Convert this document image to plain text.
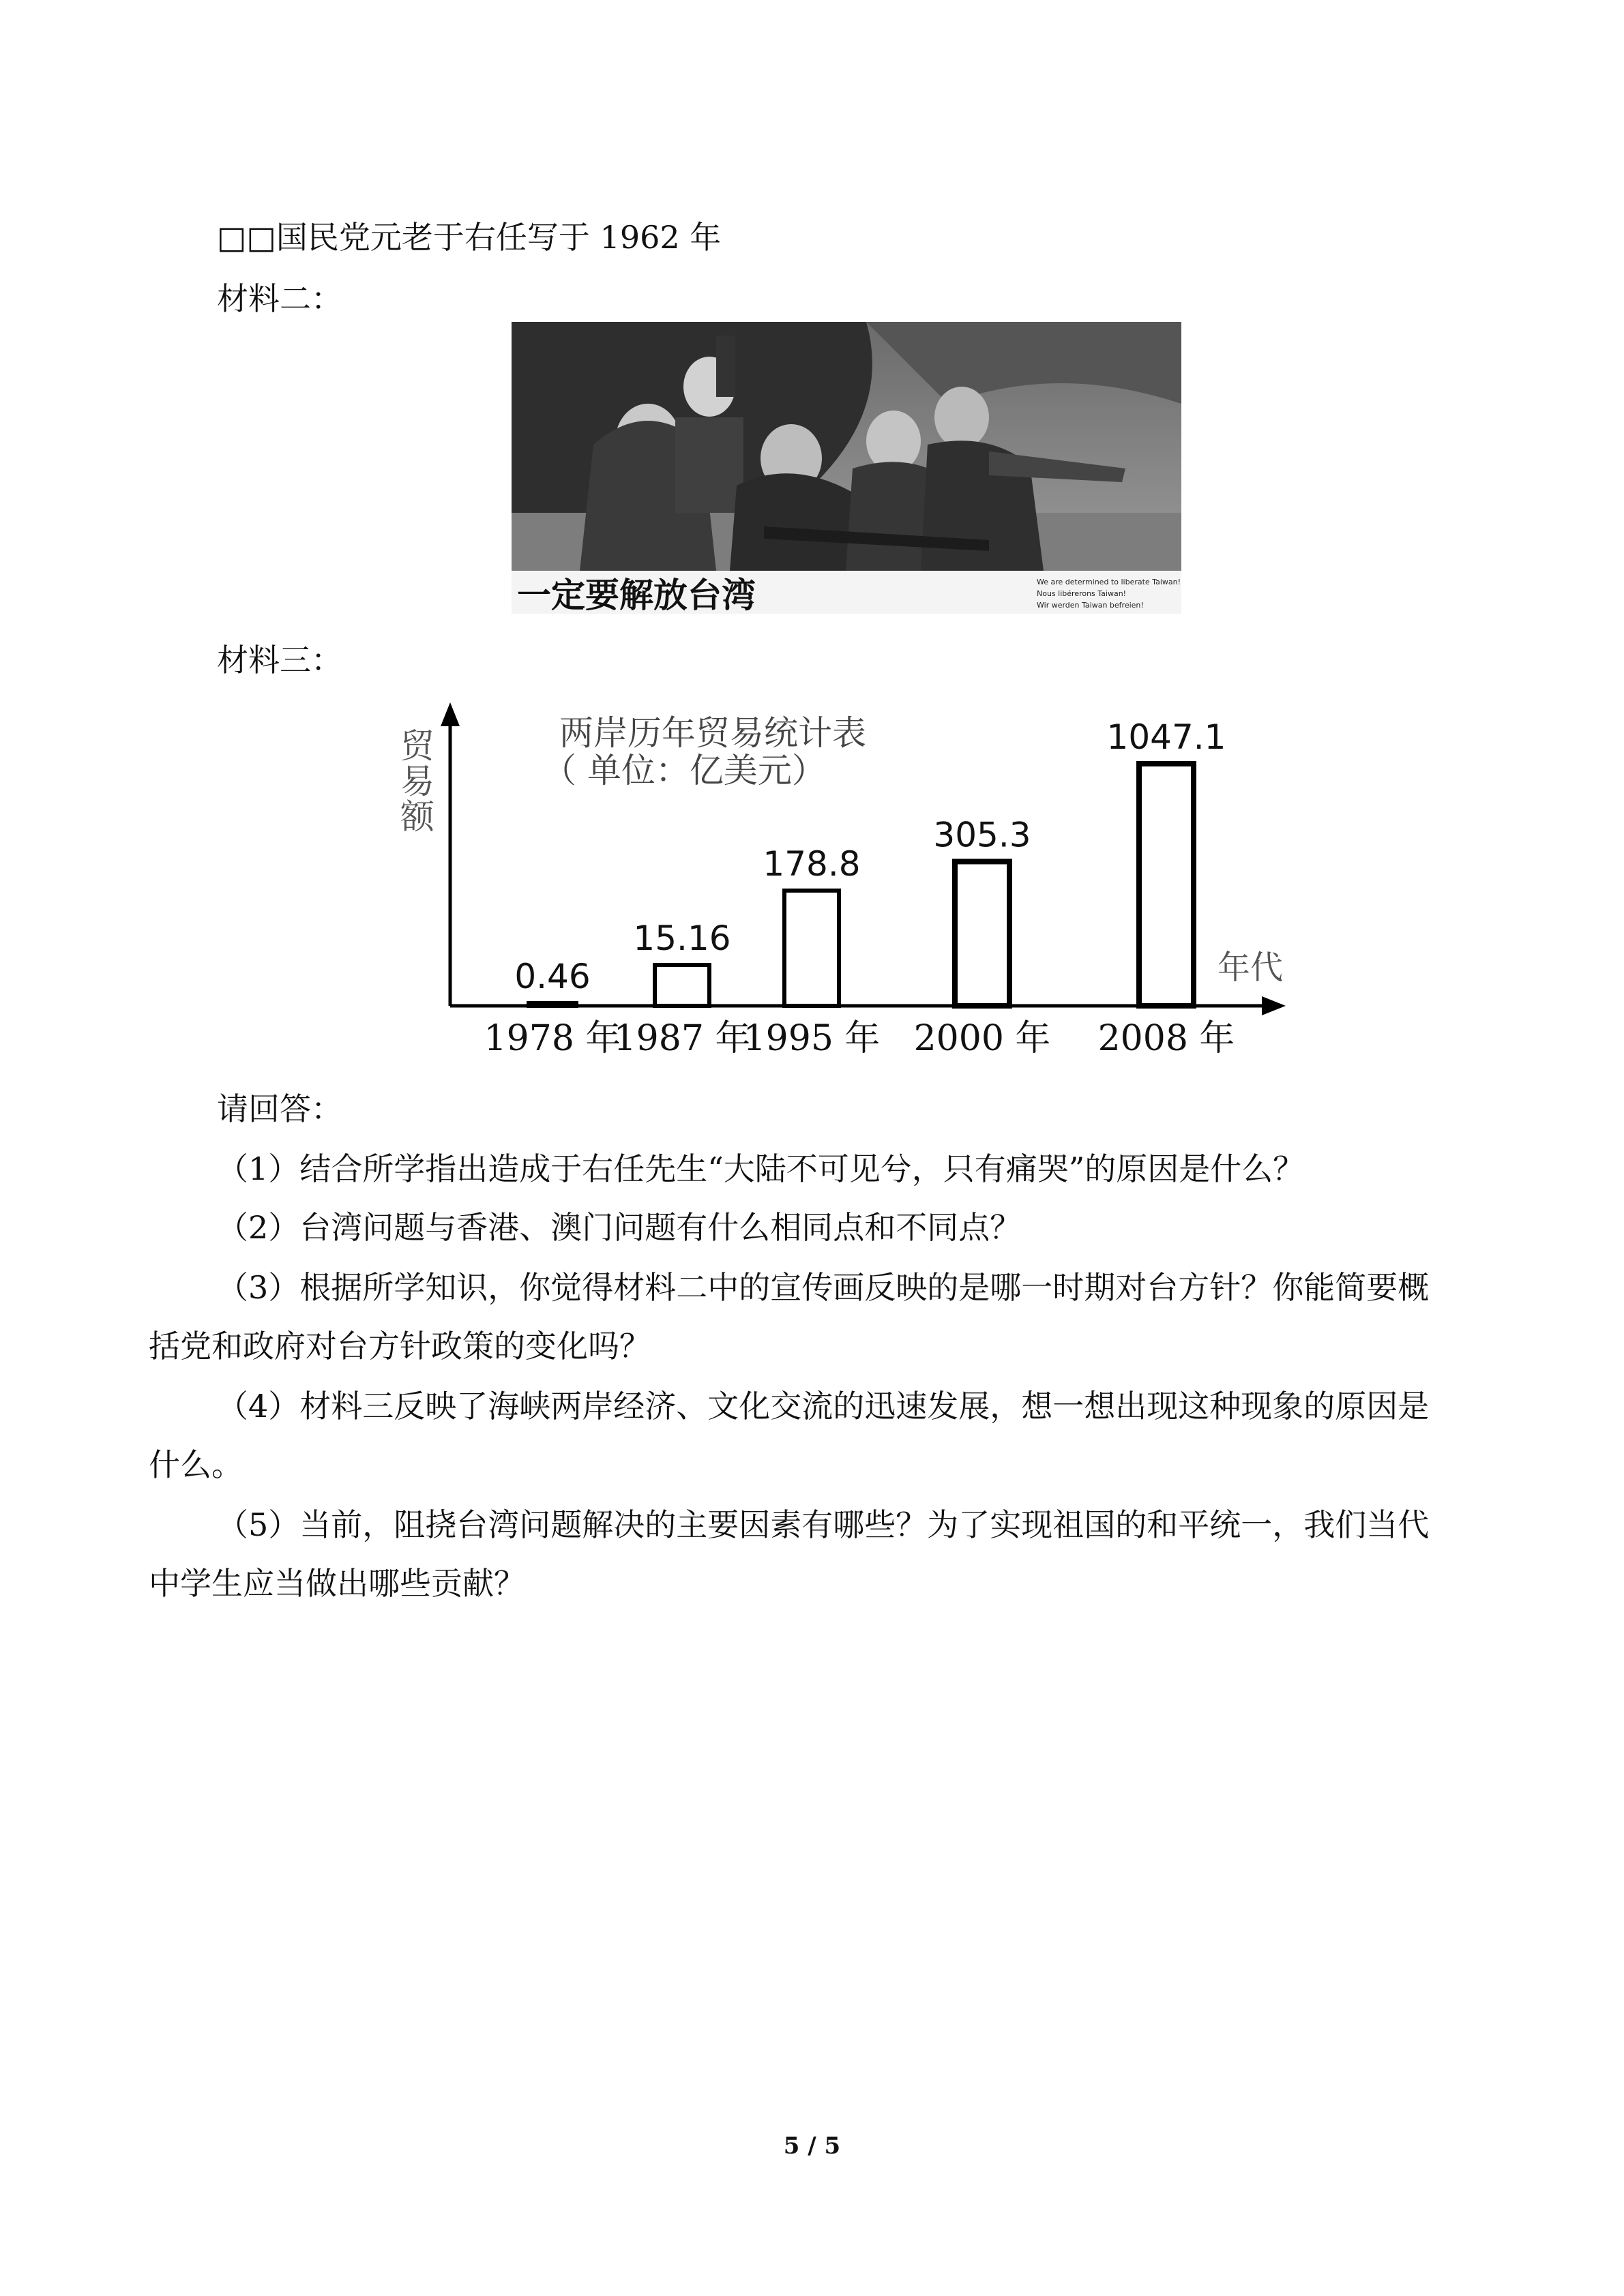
□□国民党元老于右任写于 1962 年
材料二：
一定要解放台湾	We are determined to liberate Taiwan!
Nous libérerons Taiwan!
Wir werden Taiwan befreien!
材料三：
两岸历年贸易统计表
（ 单位：亿美元）
贸易额
年代
0.46
1978 年
15.16
1987 年
178.8
1995 年
305.3
2000 年
1047.1
2008 年
请回答：
（1）结合所学指出造成于右任先生“大陆不可见兮，只有痛哭”的原因是什么？
（2）台湾问题与香港、澳门问题有什么相同点和不同点？
（3）根据所学知识，你觉得材料二中的宣传画反映的是哪一时期对台方针？你能简要概
括党和政府对台方针政策的变化吗？
（4）材料三反映了海峡两岸经济、文化交流的迅速发展，想一想出现这种现象的原因是
什么。
（5）当前，阻挠台湾问题解决的主要因素有哪些？为了实现祖国的和平统一，我们当代
中学生应当做出哪些贡献？
5 / 5
